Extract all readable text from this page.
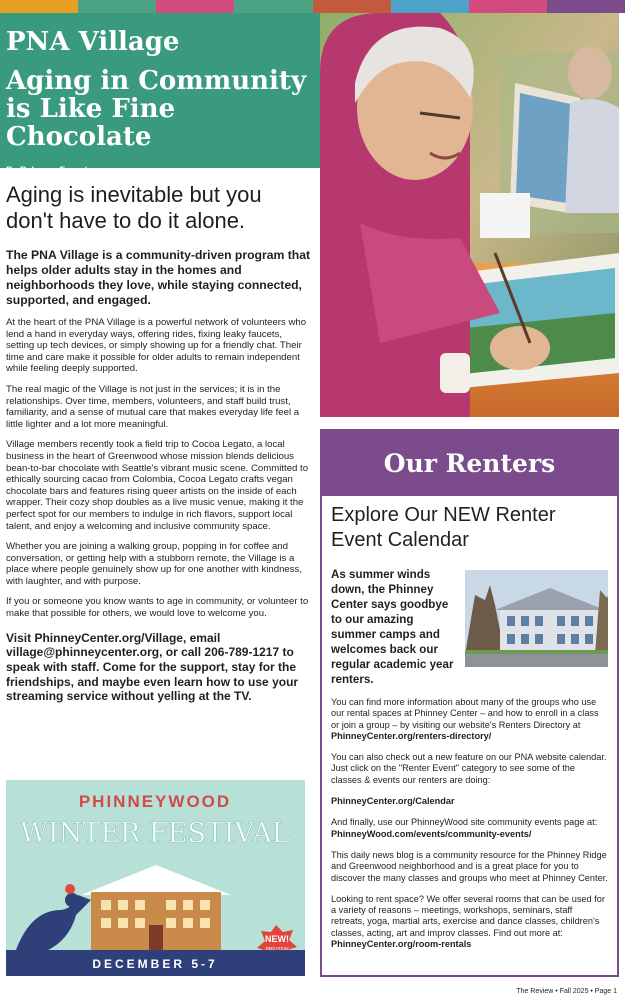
PNA Village
Aging in Community is Like Fine Chocolate
By Rebecca Fogarty
Aging is inevitable but you don't have to do it alone.

The PNA Village is a community-driven program that helps older adults stay in the homes and neighborhoods they love, while staying connected, supported, and engaged.

At the heart of the PNA Village is a powerful network of volunteers who lend a hand in everyday ways, offering rides, fixing leaky faucets, setting up tech devices, or simply showing up for a friendly chat. Their time and care make it possible for older adults to remain independent while feeling deeply supported.

The real magic of the Village is not just in the services; it is in the relationships. Over time, members, volunteers, and staff build trust, familiarity, and a sense of mutual care that makes everyday life feel a little lighter and a lot more meaningful.

Village members recently took a field trip to Cocoa Legato, a local business in the heart of Greenwood whose mission blends delicious bean-to-bar chocolate with Seattle's vibrant music scene. Committed to ethically sourcing cacao from Colombia, Cocoa Legato crafts vegan chocolate bars and features rising queer artists on the inside of each wrapper. Their cozy shop doubles as a live music venue, making it the perfect spot for our members to indulge in rich flavors, support local talent, and enjoy a welcoming and inclusive community space.

Whether you are joining a walking group, popping in for coffee and conversation, or getting help with a stubborn remote, the Village is a place where people genuinely show up for one another with kindness, with laughter, and with purpose.

If you or someone you know wants to age in community, or volunteer to make that possible for others, we would love to welcome you.

Visit PhinneyCenter.org/Village, email village@phinneycenter.org, or call 206-789-1217 to speak with staff. Come for the support, stay for the friendships, and maybe even learn how to use your streaming service without yelling at the TV.

PHINNEYWOOD
WINTER FESTIVAL
NEW!
DECEMBER 5-7
Our Renters
Explore Our NEW Renter Event Calendar
As summer winds down, the Phinney Center says goodbye to our amazing summer camps and welcomes back our regular academic year renters.

You can find more information about many of the groups who use our rental spaces at Phinney Center – and how to enroll in a class or join a group – by visiting our website's Renters Directory at PhinneyCenter.org/renters-directory/

You can also check out a new feature on our PNA website calendar. Just click on the "Renter Event" category to see some of the classes & events our renters are doing:

PhinneyCenter.org/Calendar

And finally, use our PhinneyWood site community events page at: PhinneyWood.com/events/community-events/

This daily news blog is a community resource for the Phinney Ridge and Greenwood neighborhood and is a great place for you to discover the many classes and groups who meet at Phinney Center.

Looking to rent space? We offer several rooms that can be used for a variety of reasons – meetings, workshops, seminars, staff retreats, yoga, martial arts, exercise and dance classes, children's classes, acting, art and improv classes. Find out more at: PhinneyCenter.org/room-rentals

The Review • Fall 2025 • Page 1
